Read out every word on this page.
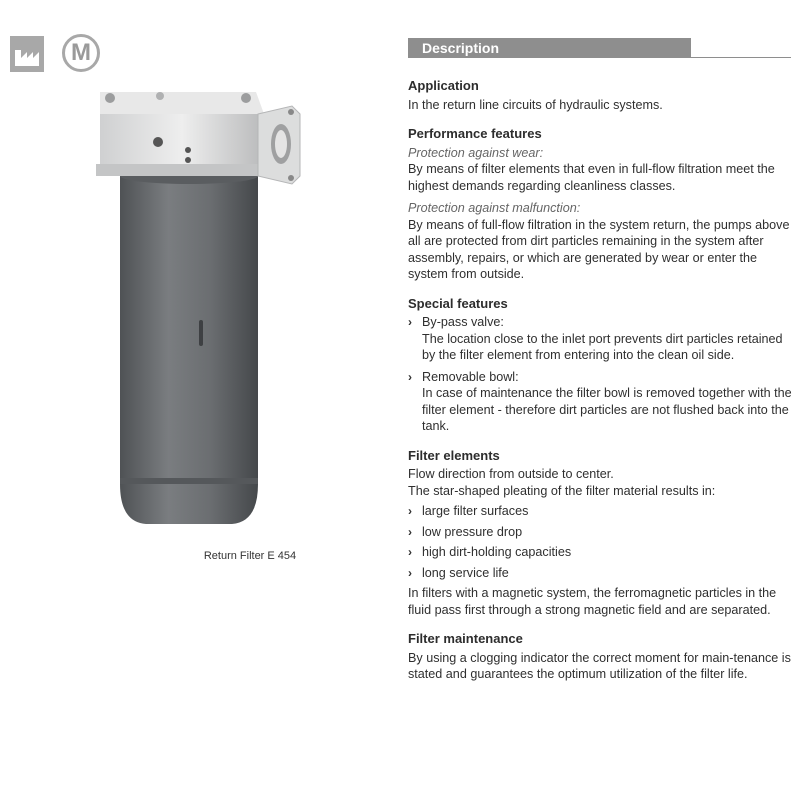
M
Return Filter E 454
Description
Application

In the return line circuits of hydraulic systems.

Performance features

Protection against wear:

By means of filter elements that even in full-flow filtration meet the highest demands regarding cleanliness classes.

Protection against malfunction:

By means of full-flow filtration in the system return, the pumps above all are protected from dirt particles remaining in the system after assembly, repairs, or which are generated by wear or enter the system from outside.

Special features
› By-pass valve:

The location close to the inlet port prevents dirt particles retained by the filter element from entering into the clean oil side.

› Removable bowl:

In case of maintenance the filter bowl is removed together with the filter element - therefore dirt particles are not flushed back into the tank.

Filter elements

Flow direction from outside to center.

The star-shaped pleating of the filter material results in:

› large filter surfaces
› low pressure drop
› high dirt-holding capacities
› long service life

In filters with a magnetic system, the ferromagnetic particles in the fluid pass first through a strong magnetic field and are separated.

Filter maintenance

By using a clogging indicator the correct moment for main-tenance is stated and guarantees the optimum utilization of the filter life.
